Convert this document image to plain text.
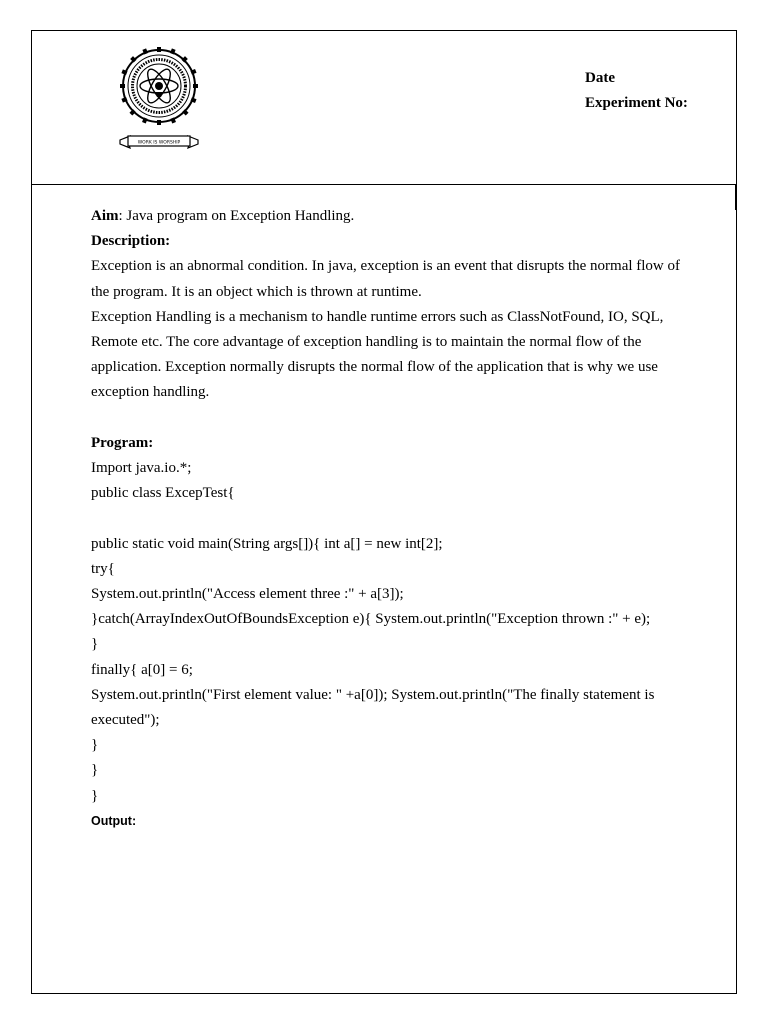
WORK IS WORSHIP
Date
Experiment No:
Aim: Java program on Exception Handling.
Description:
Exception is an abnormal condition. In java, exception is an event that disrupts the normal flow of
the program. It is an object which is thrown at runtime.
Exception Handling is a mechanism to handle runtime errors such as ClassNotFound, IO, SQL,
Remote etc. The core advantage of exception handling is to maintain the normal flow of the
application. Exception normally disrupts the normal flow of the application that is why we use
exception handling.
Program:
Import java.io.*;
public class ExcepTest{
public static void main(String args[]){ int a[] = new int[2];
try{
System.out.println("Access element three :" + a[3]);
}catch(ArrayIndexOutOfBoundsException e){ System.out.println("Exception thrown :" + e);
}
finally{ a[0] = 6;
System.out.println("First element value: " +a[0]); System.out.println("The finally statement is
executed");
}
}
}
Output:
